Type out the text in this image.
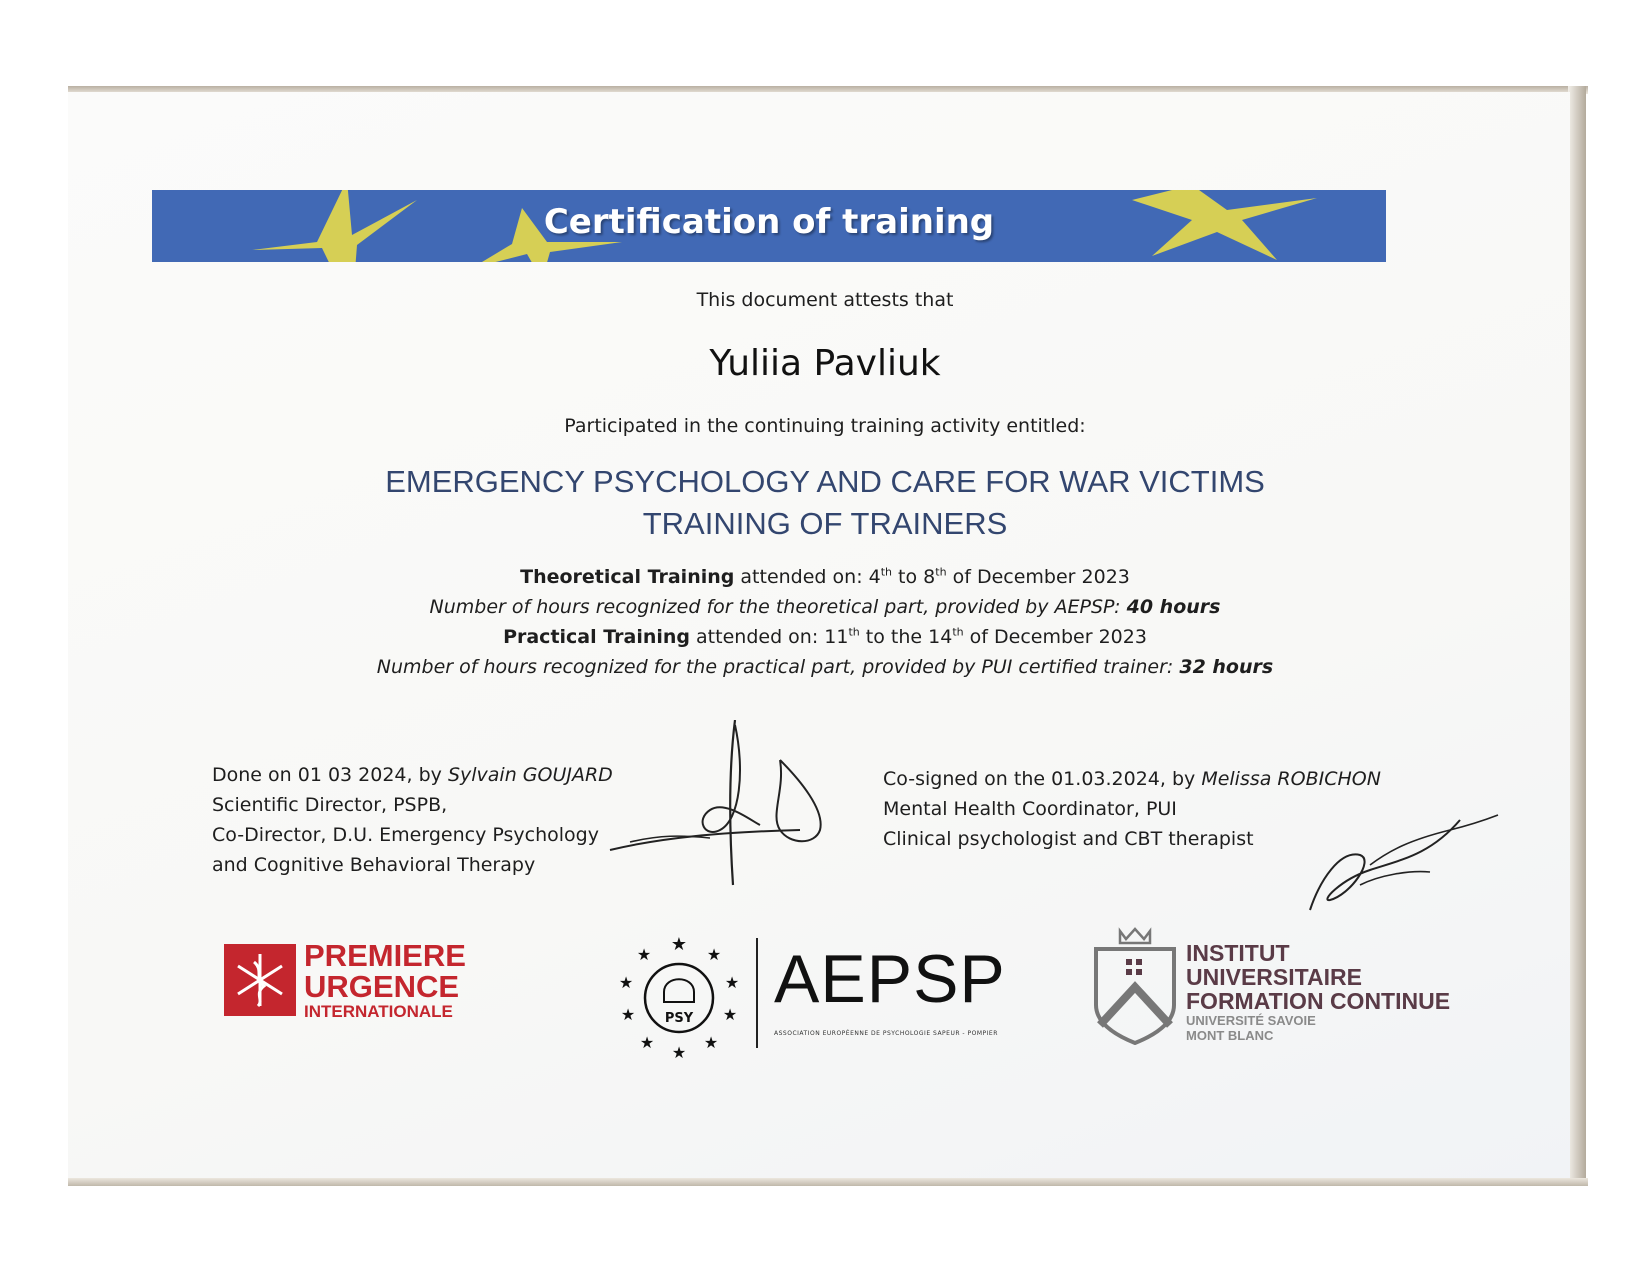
Certification of training
This document attests that
Yuliia Pavliuk
Participated in the continuing training activity entitled:
EMERGENCY PSYCHOLOGY AND CARE FOR WAR VICTIMS
TRAINING OF TRAINERS
Theoretical Training attended on: 4th to 8th of December 2023
Number of hours recognized for the theoretical part, provided by AEPSP: 40 hours
Practical Training attended on: 11th to the 14th of December 2023
Number of hours recognized for the practical part, provided by PUI certified trainer: 32 hours
Done on 01 03 2024, by Sylvain GOUJARD
Scientific Director, PSPB,
Co-Director, D.U. Emergency Psychology
and Cognitive Behavioral Therapy
Co-signed on the 01.03.2024, by Melissa ROBICHON
Mental Health Coordinator, PUI
Clinical psychologist and CBT therapist
PREMIERE
URGENCE
INTERNATIONALE
★ ★
★
★
★
★
★
★
★
★
PSY
AEPSP
ASSOCIATION EUROPÉENNE DE PSYCHOLOGIE SAPEUR - POMPIER
INSTITUT
UNIVERSITAIRE
FORMATION CONTINUE
UNIVERSITÉ SAVOIE
MONT BLANC
